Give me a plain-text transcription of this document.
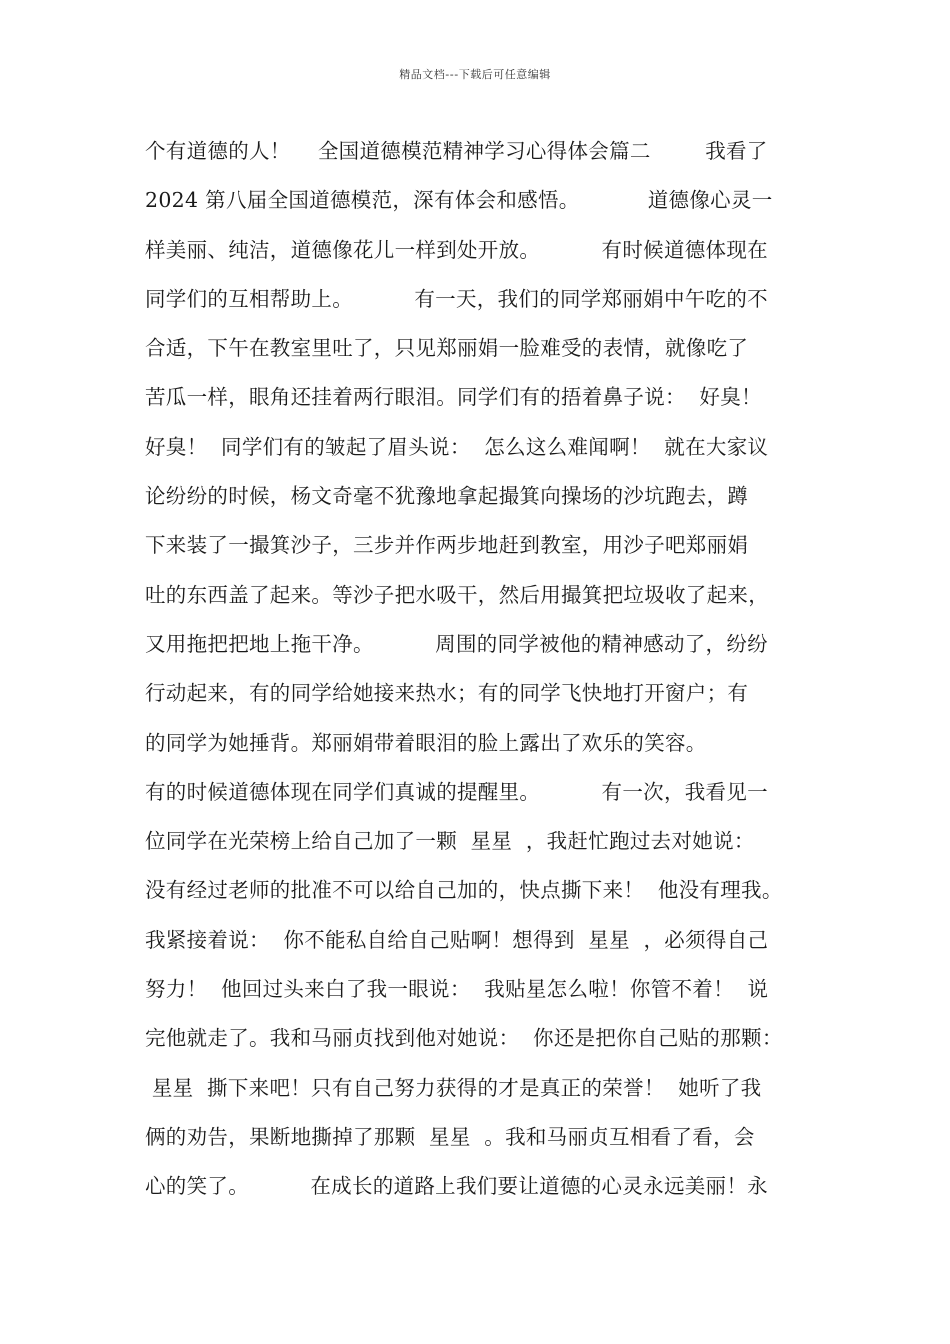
精品文档---下载后可任意编辑
个有道德的人！    全国道德模范精神学习心得体会篇二        我看了
2024 第八届全国道德模范，深有体会和感悟。          道德像心灵一
样美丽、纯洁，道德像花儿一样到处开放。         有时候道德体现在
同学们的互相帮助上。         有一天，我们的同学郑丽娟中午吃的不
合适，下午在教室里吐了，只见郑丽娟一脸难受的表情，就像吃了
苦瓜一样，眼角还挂着两行眼泪。同学们有的捂着鼻子说：  好臭！
好臭！  同学们有的皱起了眉头说：  怎么这么难闻啊！  就在大家议
论纷纷的时候，杨文奇毫不犹豫地拿起撮箕向操场的沙坑跑去，蹲
下来装了一撮箕沙子，三步并作两步地赶到教室，用沙子吧郑丽娟
吐的东西盖了起来。等沙子把水吸干，然后用撮箕把垃圾收了起来，
又用拖把把地上拖干净。         周围的同学被他的精神感动了，纷纷
行动起来，有的同学给她接来热水；有的同学飞快地打开窗户；有
的同学为她捶背。郑丽娟带着眼泪的脸上露出了欢乐的笑容。
有的时候道德体现在同学们真诚的提醒里。         有一次，我看见一
位同学在光荣榜上给自己加了一颗  星星  ，我赶忙跑过去对她说：
没有经过老师的批准不可以给自己加的，快点撕下来！  他没有理我。
我紧接着说：  你不能私自给自己贴啊！想得到  星星  ，必须得自己
努力！  他回过头来白了我一眼说：  我贴星怎么啦！你管不着！  说
完他就走了。我和马丽贞找到他对她说：  你还是把你自己贴的那颗：
星星  撕下来吧！只有自己努力获得的才是真正的荣誉！  她听了我
俩的劝告，果断地撕掉了那颗  星星  。我和马丽贞互相看了看，会
心的笑了。         在成长的道路上我们要让道德的心灵永远美丽！永
